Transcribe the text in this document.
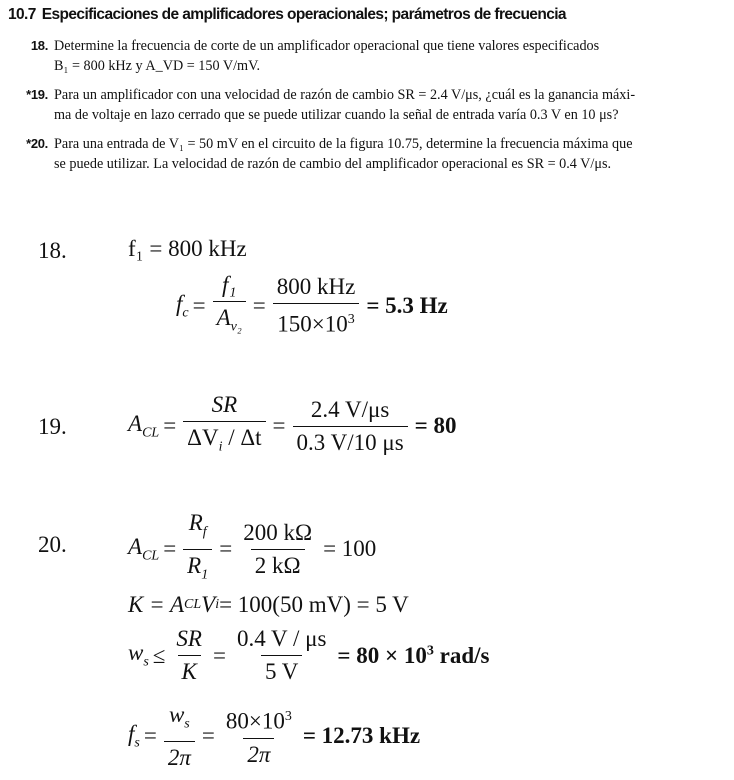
10.7 Especificaciones de amplificadores operacionales; parámetros de frecuencia
18. Determine la frecuencia de corte de un amplificador operacional que tiene valores especificados
B₁ = 800 kHz y A_VD = 150 V/mV.
*19. Para un amplificador con una velocidad de razón de cambio SR = 2.4 V/μs, ¿cuál es la ganancia máxi-
ma de voltaje en lazo cerrado que se puede utilizar cuando la señal de entrada varía 0.3 V en 10 μs?
*20. Para una entrada de V₁ = 50 mV en el circuito de la figura 10.75, determine la frecuencia máxima que
se puede utilizar. La velocidad de razón de cambio del amplificador operacional es SR = 0.4 V/μs.
18.	f₁ = 800 kHz
$f_c = \frac{\text{f₁}}{A_{v_2}} = \frac{\text{800 kHz}}{150\times 10^3} = 5.3$ Hz
19.	$A_{CL} = \frac{SR}{\Delta V_i / \Delta t} = \frac{2.4 V/\mu s}{0.3 V/10 \mu s} = 80$
20.	$A_{CL} = \frac{R_f}{R_1} = \frac{200 k\Omega}{2 k\Omega} = 100$
K = A CL V i = 100(50 mV) = 5 V
$w_s \le \frac{SR}{K} = \frac{0.4 V / \mu s}{5 V} = 80 \times 10^3$ rad/s
$f_s = \frac{w_s}{2\pi} = \frac{80\times 10^3}{2\pi} = 12.73$ kHz
